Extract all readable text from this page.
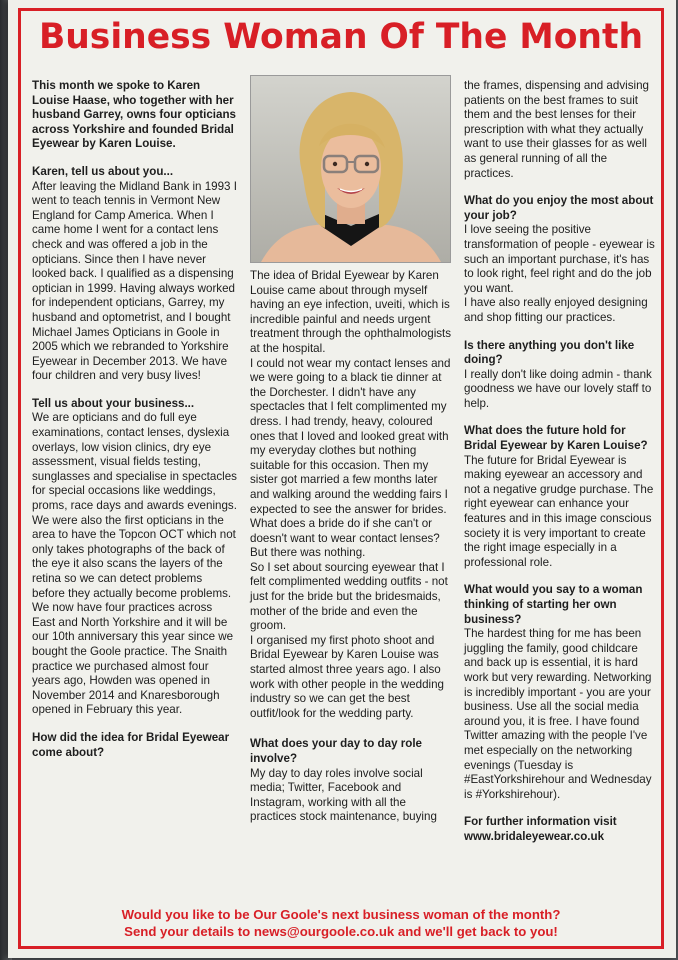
Business Woman Of The Month

This month we spoke to Karen Louise Haase, who together with her husband Garrey, owns four opticians across Yorkshire and founded Bridal Eyewear by Karen Louise.

Karen, tell us about you...
After leaving the Midland Bank in 1993 I went to teach tennis in Vermont New England for Camp America. When I came home I went for a contact lens check and was offered a job in the opticians. Since then I have never looked back. I qualified as a dispensing optician in 1999. Having always worked for independent opticians, Garrey, my husband and optometrist, and I bought Michael James Opticians in Goole in 2005 which we rebranded to Yorkshire Eyewear in December 2013. We have four children and very busy lives!

Tell us about your business...
We are opticians and do full eye examinations, contact lenses, dyslexia overlays, low vision clinics, dry eye assessment, visual fields testing, sunglasses and specialise in spectacles for special occasions like weddings, proms, race days and awards evenings. We were also the first opticians in the area to have the Topcon OCT which not only takes photographs of the back of the eye it also scans the layers of the retina so we can detect problems before they actually become problems. We now have four practices across East and North Yorkshire and it will be our 10th anniversary this year since we bought the Goole practice. The Snaith practice we purchased almost four years ago, Howden was opened in November 2014 and Knaresborough opened in February this year.

How did the idea for Bridal Eyewear come about?

The idea of Bridal Eyewear by Karen Louise came about through myself having an eye infection, uveiti, which is incredible painful and needs urgent treatment through the ophthalmologists at the hospital.

I could not wear my contact lenses and we were going to a black tie dinner at the Dorchester. I didn't have any spectacles that I felt complimented my dress. I had trendy, heavy, coloured ones that I loved and looked great with my everyday clothes but nothing suitable for this occasion. Then my sister got married a few months later and walking around the wedding fairs I expected to see the answer for brides. What does a bride do if she can't or doesn't want to wear contact lenses? But there was nothing.

So I set about sourcing eyewear that I felt complimented wedding outfits - not just for the bride but the bridesmaids, mother of the bride and even the groom.

I organised my first photo shoot and Bridal Eyewear by Karen Louise was started almost three years ago. I also work with other people in the wedding industry so we can get the best outfit/look for the wedding party.

What does your day to day role involve?
My day to day roles involve social media; Twitter, Facebook and Instagram, working with all the practices stock maintenance, buying

the frames, dispensing and advising patients on the best frames to suit them and the best lenses for their prescription with what they actually want to use their glasses for as well as general running of all the practices.

What do you enjoy the most about your job?
I love seeing the positive transformation of people - eyewear is such an important purchase, it's has to look right, feel right and do the job you want.
I have also really enjoyed designing and shop fitting our practices.

Is there anything you don't like doing?
I really don't like doing admin - thank goodness we have our lovely staff to help.

What does the future hold for Bridal Eyewear by Karen Louise?
The future for Bridal Eyewear is making eyewear an accessory and not a negative grudge purchase. The right eyewear can enhance your features and in this image conscious society it is very important to create the right image especially in a professional role.

What would you say to a woman thinking of starting her own business?
The hardest thing for me has been juggling the family, good childcare and back up is essential, it is hard work but very rewarding. Networking is incredibly important - you are your business. Use all the social media around you, it is free. I have found Twitter amazing with the people I've met especially on the networking evenings (Tuesday is #EastYorkshirehour and Wednesday is #Yorkshirehour).

For further information visit www.bridaleyewear.co.uk

Would you like to be Our Goole's next business woman of the month?
Send your details to news@ourgoole.co.uk and we'll get back to you!
